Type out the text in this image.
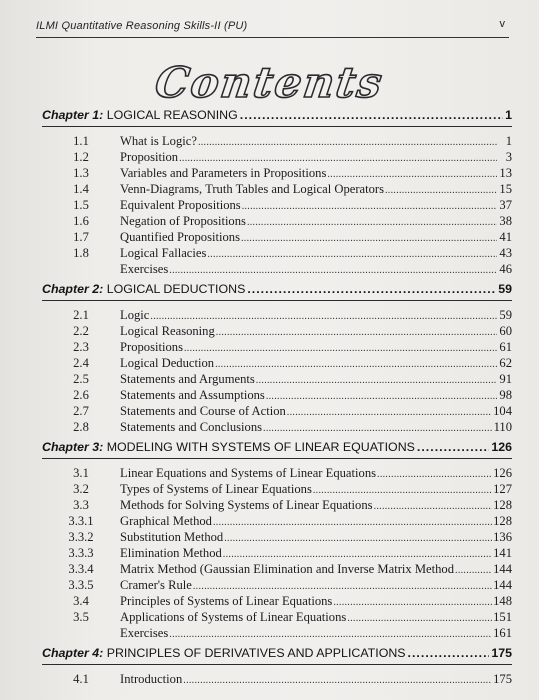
ILMI Quantitative Reasoning Skills-II (PU)	v
Contents
Chapter 1: LOGICAL REASONING .....	1
1.1	What is Logic? .....	1
1.2	Proposition .....	3
1.3	Variables and Parameters in Propositions .....	13
1.4	Venn-Diagrams, Truth Tables and Logical Operators .....	15
1.5	Equivalent Propositions .....	37
1.6	Negation of Propositions .....	38
1.7	Quantified Propositions .....	41
1.8	Logical Fallacies .....	43
Exercises .....	46
Chapter 2: LOGICAL DEDUCTIONS .....	59
2.1	Logic .....	59
2.2	Logical Reasoning .....	60
2.3	Propositions .....	61
2.4	Logical Deduction .....	62
2.5	Statements and Arguments .....	91
2.6	Statements and Assumptions .....	98
2.7	Statements and Course of Action .....	104
2.8	Statements and Conclusions .....	110
Chapter 3: MODELING WITH SYSTEMS OF LINEAR EQUATIONS .....	126
3.1	Linear Equations and Systems of Linear Equations .....	126
3.2	Types of Systems of Linear Equations .....	127
3.3	Methods for Solving Systems of Linear Equations .....	128
3.3.1	Graphical Method .....	128
3.3.2	Substitution Method .....	136
3.3.3	Elimination Method .....	141
3.3.4	Matrix Method (Gaussian Elimination and Inverse Matrix Method .....	144
3.3.5	Cramer's Rule .....	144
3.4	Principles of Systems of Linear Equations .....	148
3.5	Applications of Systems of Linear Equations .....	151
Exercises .....	161
Chapter 4: PRINCIPLES OF DERIVATIVES AND APPLICATIONS .....	175
4.1	Introduction .....	175
